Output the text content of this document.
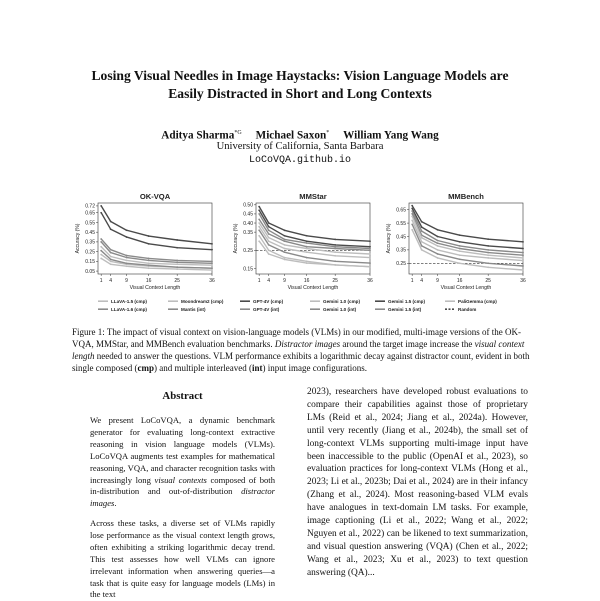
Losing Visual Needles in Image Haystacks: Vision Language Models are
Easily Distracted in Short and Long Contexts
Aditya Sharma$^{*G}$ Michael Saxon* William Yang Wang
University of California, Santa Barbara
LoCoVQA.github.io
OK-VQA
0.05
0.15
0.25
0.35
0.45
0.55
0.65
0.72
1 4	9	16	25	36
Visual Context Length
Accuracy (%)
MMStar
0.15
0.25
0.35
0.40
0.45
0.50
1 4	9	16	25	36
Visual Context Length
Accuracy (%)
MMBench
0.25
0.35
0.45
0.55
0.65
1 4	9	16	25	36
Visual Context Length
Accuracy (%)
LLaVA-1.5 (cmp)
LLaVA-1.6 (cmp)
Moondream2 (cmp)
Mantis (int)
GPT-4V (cmp)
GPT-4V (int)
Gemini 1.0 (cmp)
Gemini 1.0 (int)
Gemini 1.5 (cmp)
Gemini 1.5 (int)
PaliGemma (cmp)
Random
Figure 1: The impact of visual context on vision-language models (VLMs) in our modified, multi-image versions of the OK-VQA, MMStar, and MMBench evaluation benchmarks. Distractor images around the target image increase the visual context length needed to answer the questions. VLM performance exhibits a logarithmic decay against distractor count, evident in both single composed (cmp) and multiple interleaved (int) input image configurations.
Abstract

We present LoCoVQA, a dynamic benchmark generator for evaluating long-context extractive reasoning in vision language models (VLMs). LoCoVQA augments test examples for mathematical reasoning, VQA, and character recognition tasks with increasingly long visual contexts composed of both in-distribution and out-of-distribution distractor images.

Across these tasks, a diverse set of VLMs rapidly lose performance as the visual context length grows, often exhibiting a striking logarithmic decay trend. This test assesses how well VLMs can ignore irrelevant information when answering queries—a task that is quite easy for language models (LMs) in the text

2023), researchers have developed robust evaluations to compare their capabilities against those of proprietary LMs (Reid et al., 2024; Jiang et al., 2024a). However, until very recently (Jiang et al., 2024b), the small set of long-context VLMs supporting multi-image input have been inaccessible to the public (OpenAI et al., 2023), so evaluation practices for long-context VLMs (Hong et al., 2023; Li et al., 2023b; Dai et al., 2024) are in their infancy (Zhang et al., 2024). Most reasoning-based VLM evals have analogues in text-domain LM tasks. For example, image captioning (Li et al., 2022; Wang et al., 2022; Nguyen et al., 2022) can be likened to text summarization, and visual question answering (VQA) (Chen et al., 2022; Wang et al., 2023; Xu et al., 2023) to text question answering (QA)...
